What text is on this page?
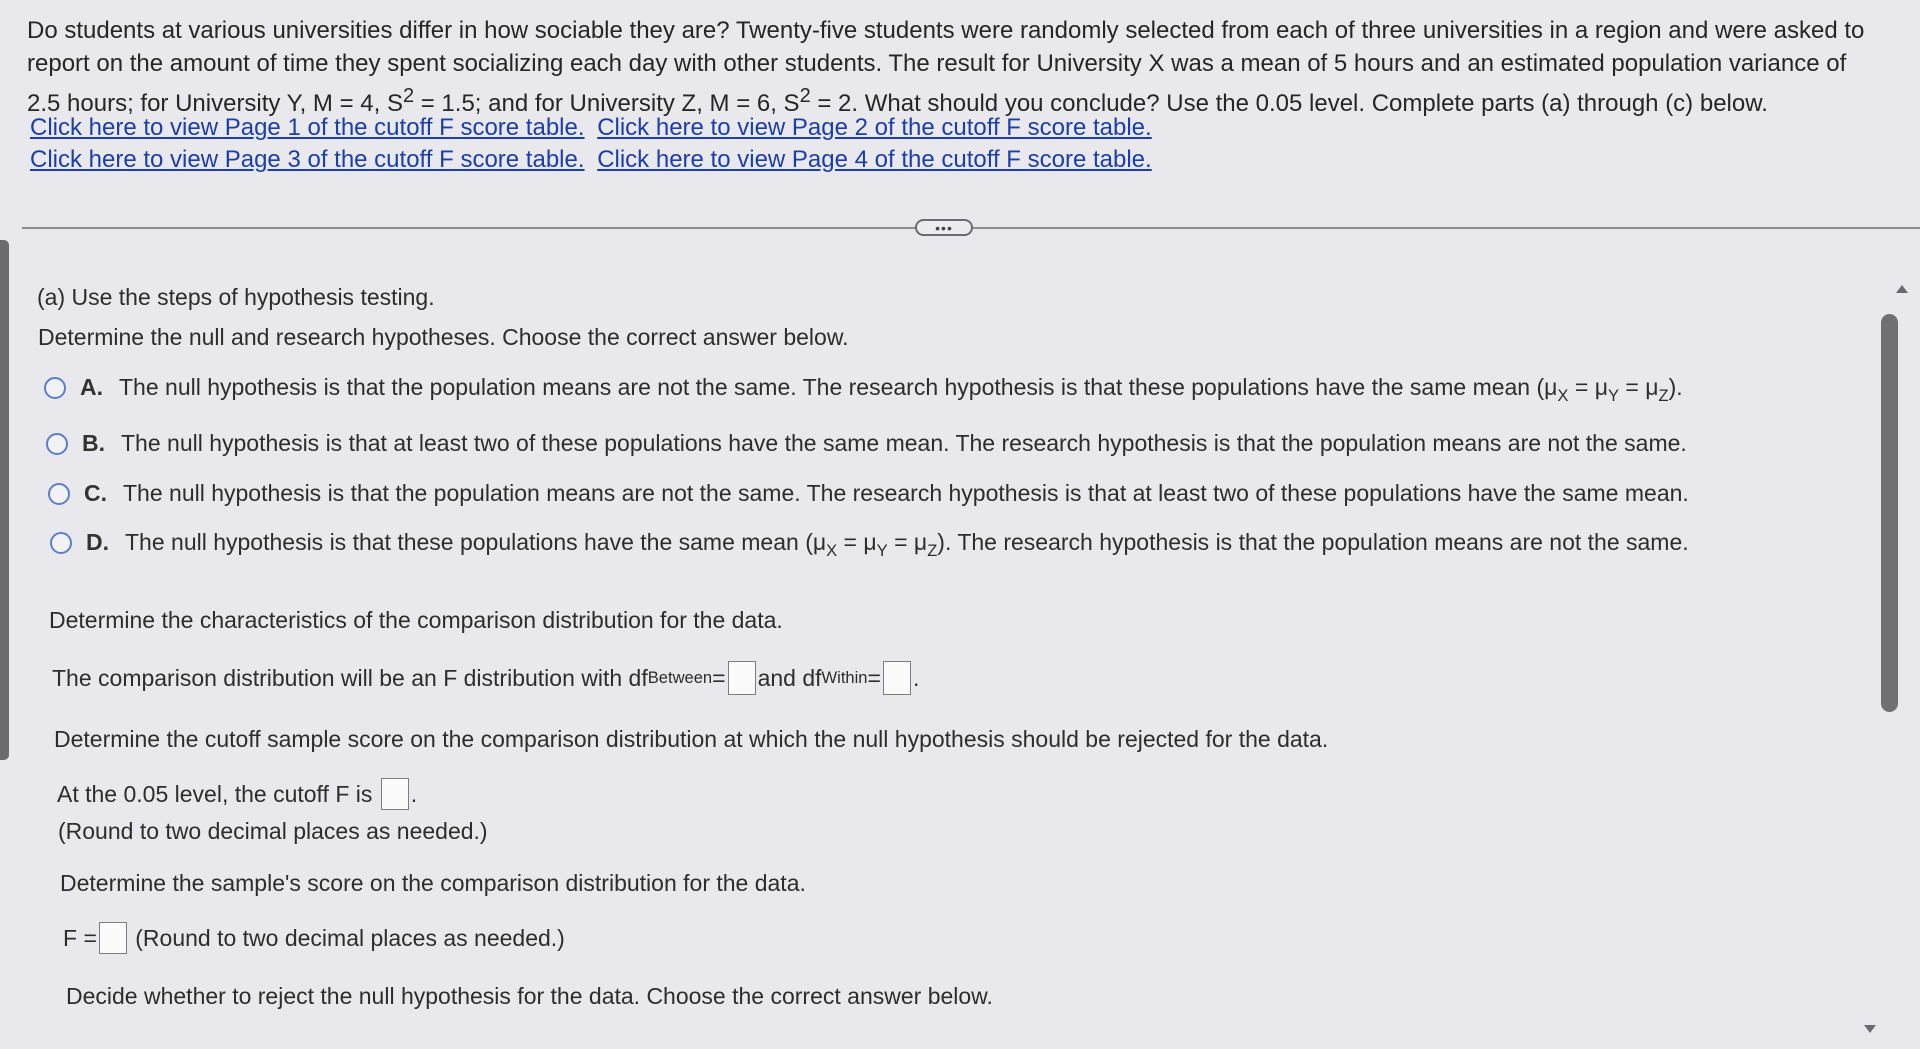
Do students at various universities differ in how sociable they are? Twenty-five students were randomly selected from each of three universities in a region and were asked to

report on the amount of time they spent socializing each day with other students. The result for University X was a mean of 5 hours and an estimated population variance of

2.5 hours; for University Y, M = 4, $S^2 = 1.5$; and for University Z, M = 6, $S^2 = 2$. What should you conclude? Use the 0.05 level. Complete parts (a) through (c) below.

Click here to view Page 1 of the cutoff F score table. Click here to view Page 2 of the cutoff F score table.
Click here to view Page 3 of the cutoff F score table. Click here to view Page 4 of the cutoff F score table.
•••
(a) Use the steps of hypothesis testing.
Determine the null and research hypotheses. Choose the correct answer below.
A. The null hypothesis is that the population means are not the same. The research hypothesis is that these populations have the same mean $(\mu_X = \mu_Y = \mu_Z)$.
B. The null hypothesis is that at least two of these populations have the same mean. The research hypothesis is that the population means are not the same.
C. The null hypothesis is that the population means are not the same. The research hypothesis is that at least two of these populations have the same mean.
D. The null hypothesis is that these populations have the same mean $(\mu_X = \mu_Y = \mu_Z)$. The research hypothesis is that the population means are not the same.
Determine the characteristics of the comparison distribution for the data.
The comparison distribution will be an F distribution with df Between = and df Within = .
Determine the cutoff sample score on the comparison distribution at which the null hypothesis should be rejected for the data.
At the 0.05 level, the cutoff F is
.
(Round to two decimal places as needed.)
Determine the sample's score on the comparison distribution for the data.
F =
(Round to two decimal places as needed.)
Decide whether to reject the null hypothesis for the data. Choose the correct answer below.
